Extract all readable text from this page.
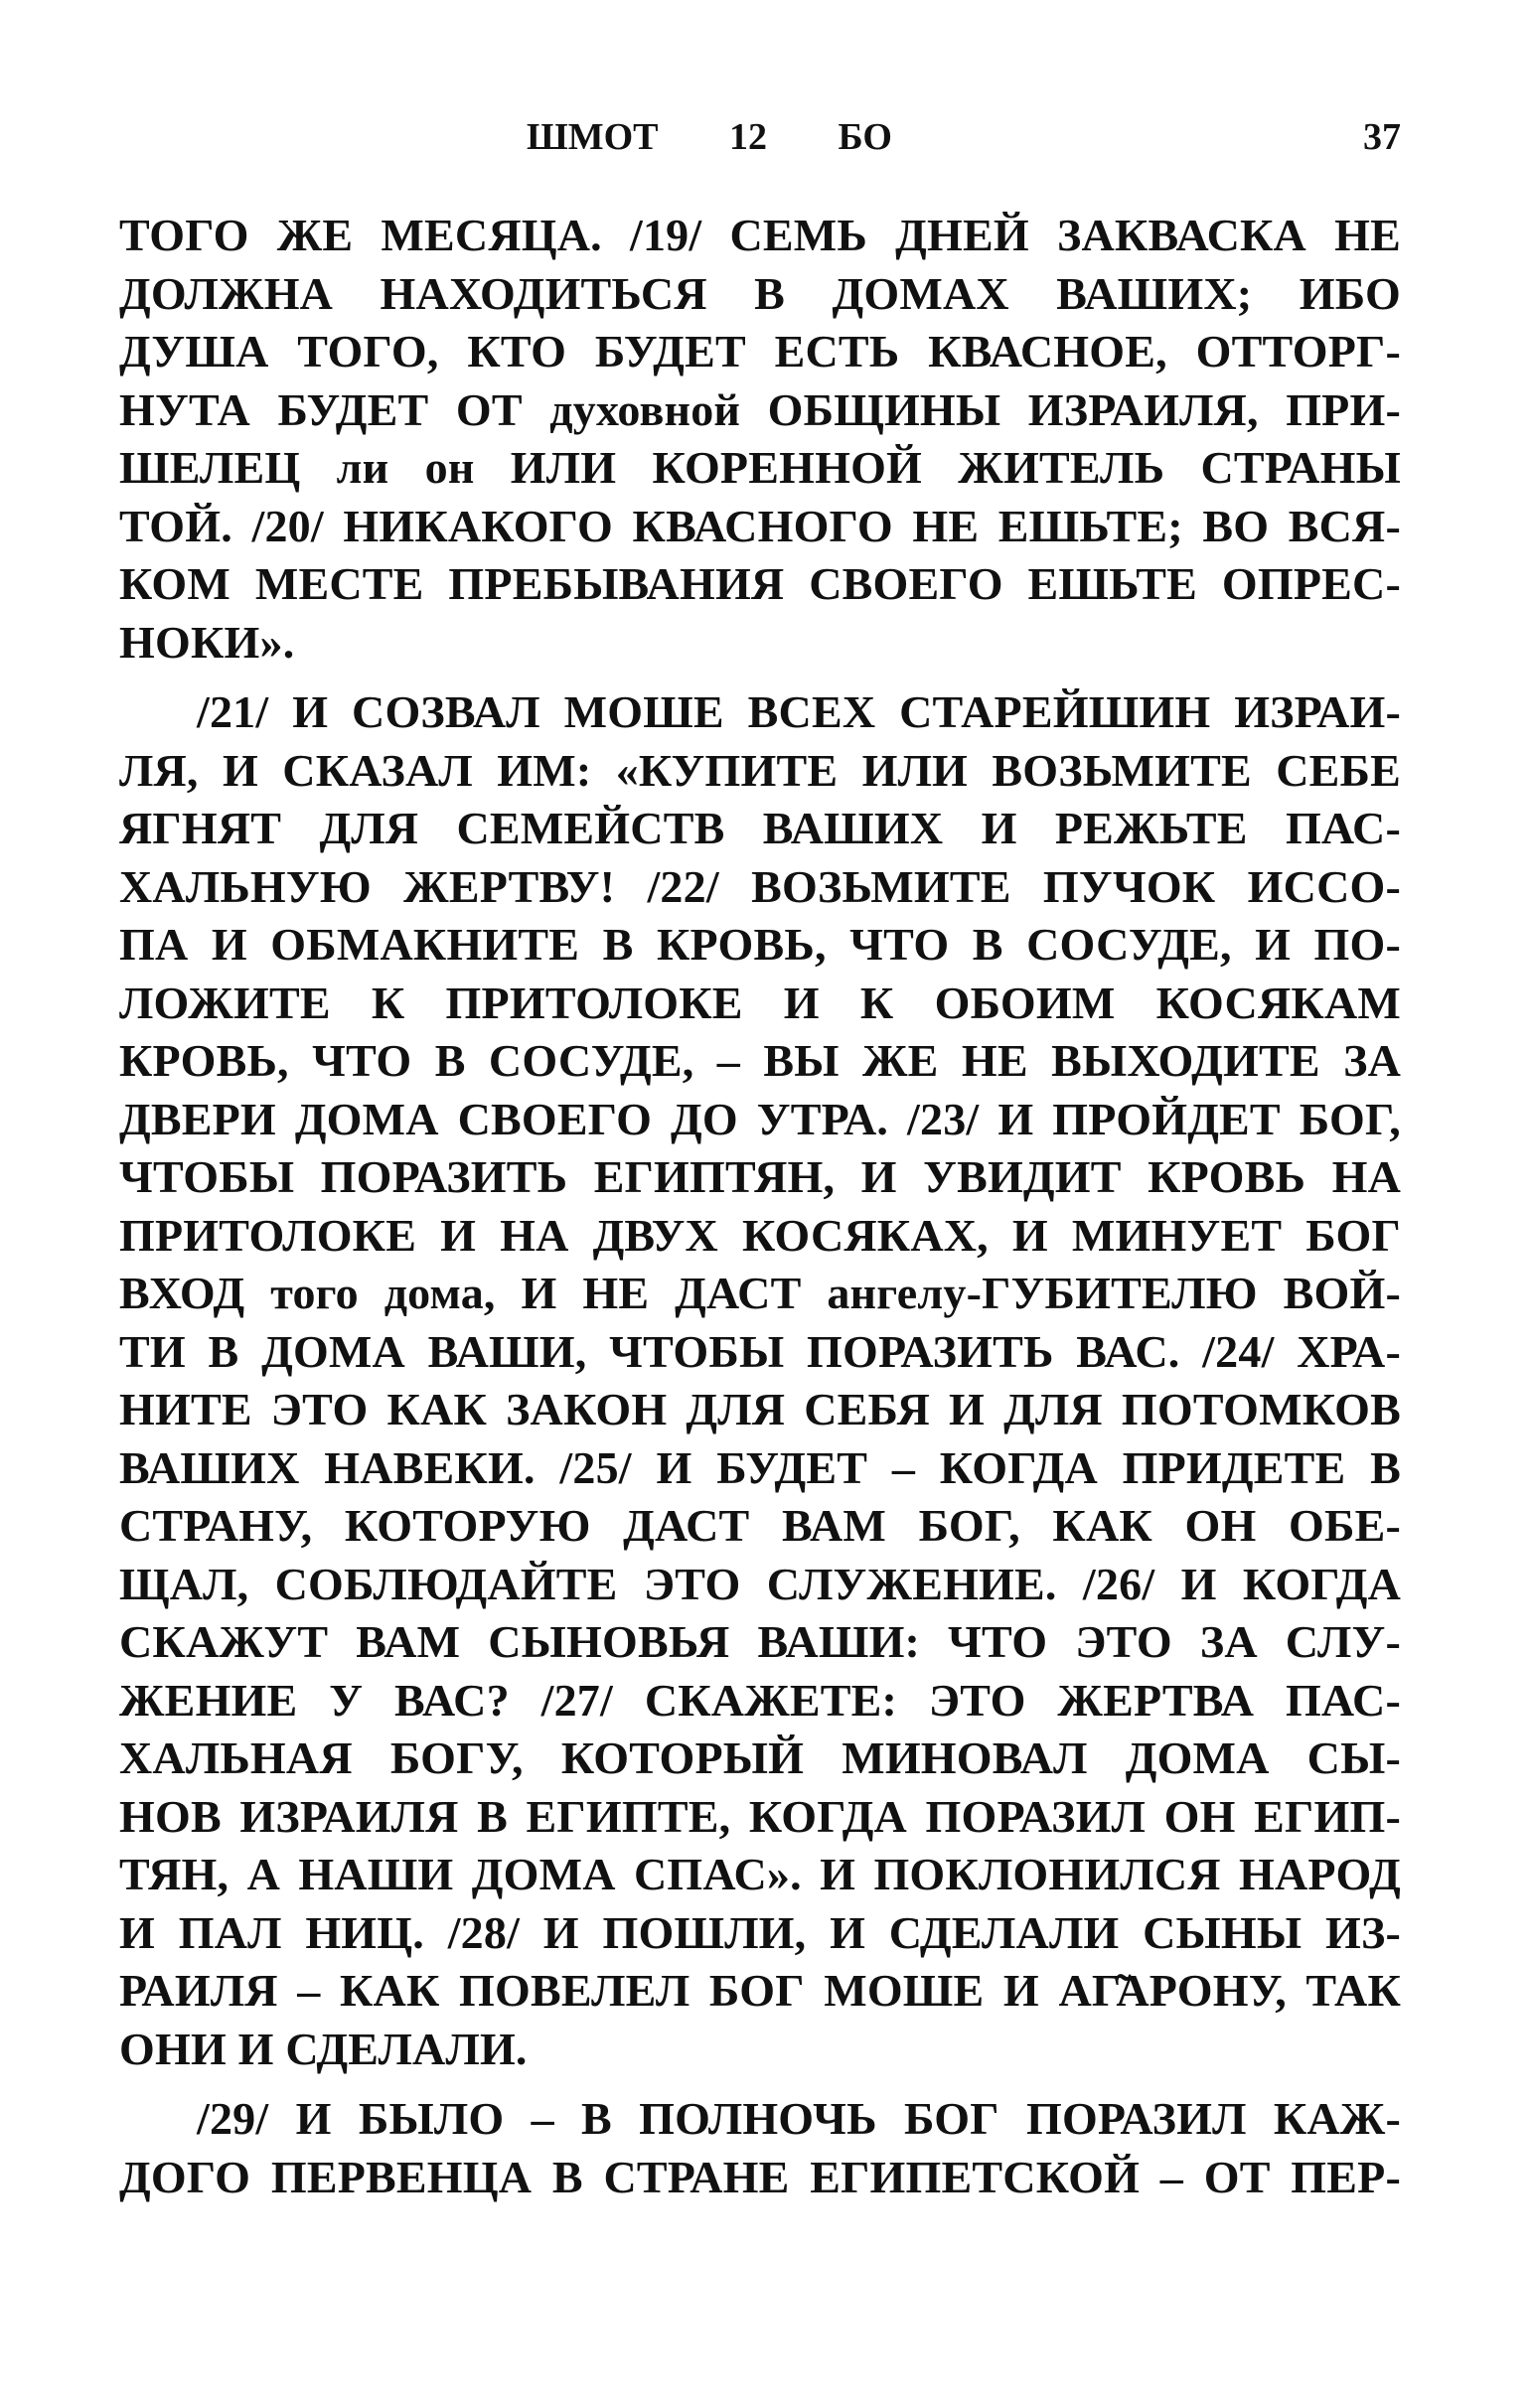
ШМОТ 12 БО	37
ТОГО ЖЕ МЕСЯЦА. /19/ СЕМЬ ДНЕЙ ЗАКВАСКА НЕ
ДОЛЖНА НАХОДИТЬСЯ В ДОМАХ ВАШИХ; ИБО
ДУША ТОГО, КТО БУДЕТ ЕСТЬ КВАСНОЕ, ОТТОРГ-
НУТА БУДЕТ ОТ духовной ОБЩИНЫ ИЗРАИЛЯ, ПРИ-
ШЕЛЕЦ ли он ИЛИ КОРЕННОЙ ЖИТЕЛЬ СТРАНЫ
ТОЙ. /20/ НИКАКОГО КВАСНОГО НЕ ЕШЬТЕ; ВО ВСЯ-
КОМ МЕСТЕ ПРЕБЫВАНИЯ СВОЕГО ЕШЬТЕ ОПРЕС-
НОКИ».
/21/ И СОЗВАЛ МОШЕ ВСЕХ СТАРЕЙШИН ИЗРАИ-
ЛЯ, И СКАЗАЛ ИМ: «КУПИТЕ ИЛИ ВОЗЬМИТЕ СЕБЕ
ЯГНЯТ ДЛЯ СЕМЕЙСТВ ВАШИХ И РЕЖЬТЕ ПАС-
ХАЛЬНУЮ ЖЕРТВУ! /22/ ВОЗЬМИТЕ ПУЧОК ИССО-
ПА И ОБМАКНИТЕ В КРОВЬ, ЧТО В СОСУДЕ, И ПО-
ЛОЖИТЕ К ПРИТОЛОКЕ И К ОБОИМ КОСЯКАМ
КРОВЬ, ЧТО В СОСУДЕ, – ВЫ ЖЕ НЕ ВЫХОДИТЕ ЗА
ДВЕРИ ДОМА СВОЕГО ДО УТРА. /23/ И ПРОЙДЕТ БОГ,
ЧТОБЫ ПОРАЗИТЬ ЕГИПТЯН, И УВИДИТ КРОВЬ НА
ПРИТОЛОКЕ И НА ДВУХ КОСЯКАХ, И МИНУЕТ БОГ
ВХОД того дома, И НЕ ДАСТ ангелу-ГУБИТЕЛЮ ВОЙ-
ТИ В ДОМА ВАШИ, ЧТОБЫ ПОРАЗИТЬ ВАС. /24/ ХРА-
НИТЕ ЭТО КАК ЗАКОН ДЛЯ СЕБЯ И ДЛЯ ПОТОМКОВ
ВАШИХ НАВЕКИ. /25/ И БУДЕТ – КОГДА ПРИДЕТЕ В
СТРАНУ, КОТОРУЮ ДАСТ ВАМ БОГ, КАК ОН ОБЕ-
ЩАЛ, СОБЛЮДАЙТЕ ЭТО СЛУЖЕНИЕ. /26/ И КОГДА
СКАЖУТ ВАМ СЫНОВЬЯ ВАШИ: ЧТО ЭТО ЗА СЛУ-
ЖЕНИЕ У ВАС? /27/ СКАЖЕТЕ: ЭТО ЖЕРТВА ПАС-
ХАЛЬНАЯ БОГУ, КОТОРЫЙ МИНОВАЛ ДОМА СЫ-
НОВ ИЗРАИЛЯ В ЕГИПТЕ, КОГДА ПОРАЗИЛ ОН ЕГИП-
ТЯН, А НАШИ ДОМА СПАС». И ПОКЛОНИЛСЯ НАРОД
И ПАЛ НИЦ. /28/ И ПОШЛИ, И СДЕЛАЛИ СЫНЫ ИЗ-
РАИЛЯ – КАК ПОВЕЛЕЛ БОГ МОШЕ И АГ̃АРОНУ, ТАК
ОНИ И СДЕЛАЛИ.
/29/ И БЫЛО – В ПОЛНОЧЬ БОГ ПОРАЗИЛ КАЖ-
ДОГО ПЕРВЕНЦА В СТРАНЕ ЕГИПЕТСКОЙ – ОТ ПЕР-
